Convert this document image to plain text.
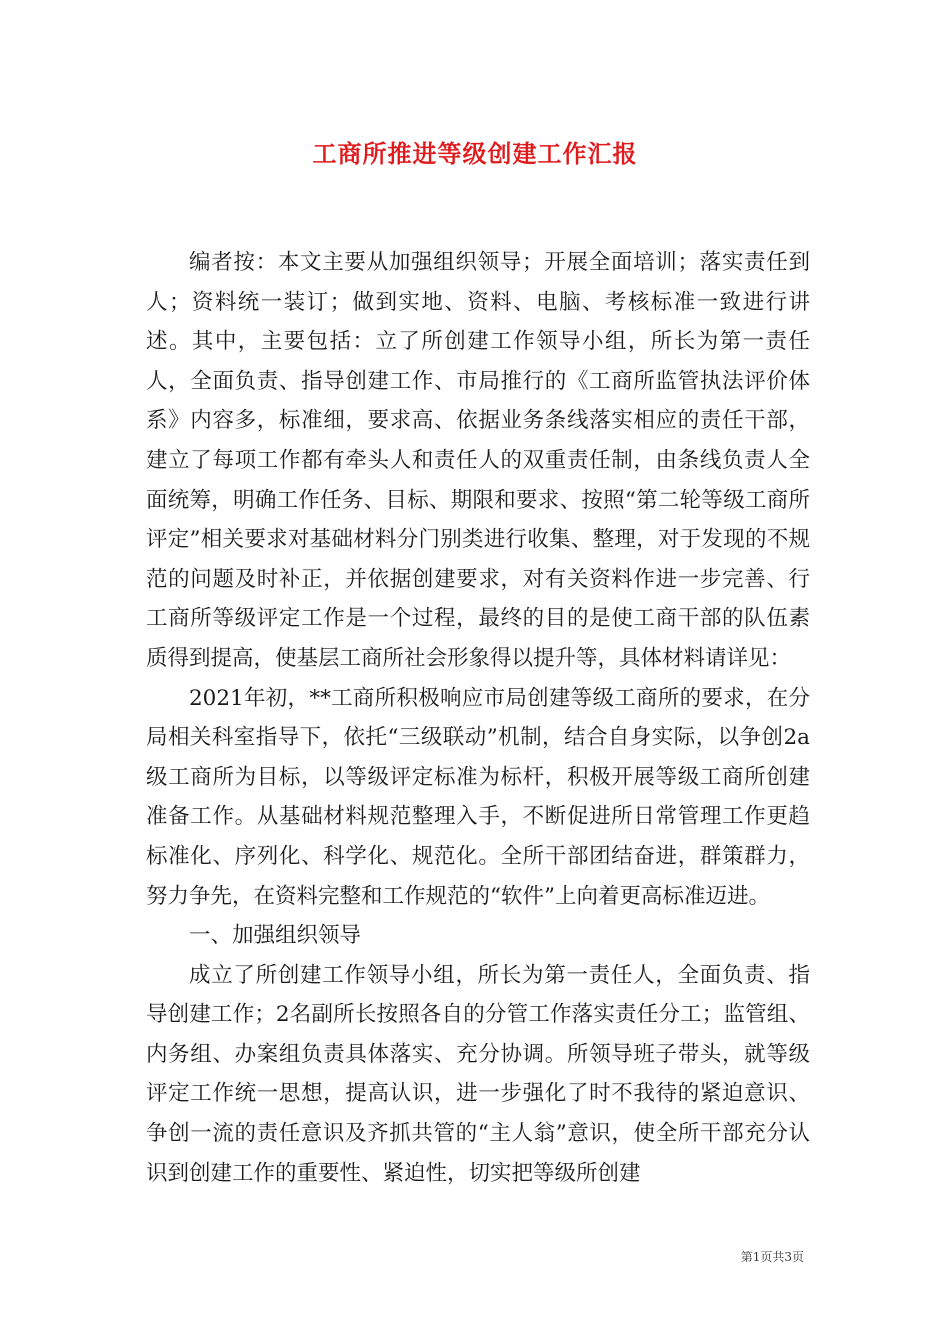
工商所推进等级创建工作汇报

编者按：本文主要从加强组织领导；开展全面培训；落实责任到人；资料统一装订；做到实地、资料、电脑、考核标准一致进行讲述。其中，主要包括：立了所创建工作领导小组，所长为第一责任人，全面负责、指导创建工作、市局推行的《工商所监管执法评价体系》内容多，标准细，要求高、依据业务条线落实相应的责任干部，建立了每项工作都有牵头人和责任人的双重责任制，由条线负责人全面统筹，明确工作任务、目标、期限和要求、按照“第二轮等级工商所评定”相关要求对基础材料分门别类进行收集、整理，对于发现的不规范的问题及时补正，并依据创建要求，对有关资料作进一步完善、行工商所等级评定工作是一个过程，最终的目的是使工商干部的队伍素质得到提高，使基层工商所社会形象得以提升等，具体材料请详见：

2021年初，**工商所积极响应市局创建等级工商所的要求，在分局相关科室指导下，依托“三级联动”机制，结合自身实际，以争创2a级工商所为目标，以等级评定标准为标杆，积极开展等级工商所创建准备工作。从基础材料规范整理入手，不断促进所日常管理工作更趋标准化、序列化、科学化、规范化。全所干部团结奋进，群策群力，努力争先，在资料完整和工作规范的“软件”上向着更高标准迈进。

一、加强组织领导

成立了所创建工作领导小组，所长为第一责任人，全面负责、指导创建工作；2名副所长按照各自的分管工作落实责任分工；监管组、内务组、办案组负责具体落实、充分协调。所领导班子带头，就等级评定工作统一思想，提高认识，进一步强化了时不我待的紧迫意识、争创一流的责任意识及齐抓共管的“主人翁”意识，使全所干部充分认识到创建工作的重要性、紧迫性，切实把等级所创建

第1页共3页
